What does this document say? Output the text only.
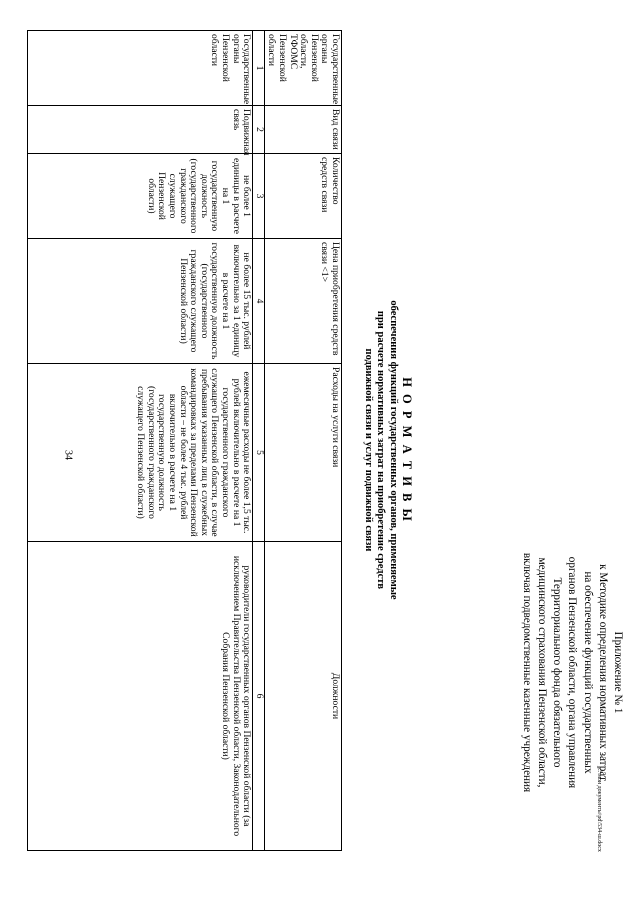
34
Приложение № 1
к Методике определения нормативных затрат
на обеспечение функций государственных
органов Пензенской области, органа управления
Территориального фонда обязательного
медицинского страхования Пензенской области,
включая подведомственные казенные учреждения
Н О Р М А Т И В Ы
обеспечения функций государственных органов, применяемые
при расчете нормативных затрат на приобретение средств
подвижной связи и услуг подвижной связи
Государственные органы Пензенской области, ТФОМС Пензенской области	Вид связи	Количество средств связи	Цена приобретения средств связи <1>	Расходы на услуги связи	Должности
1	2	3	4	5	6
Государственные органы Пензенской области	Подвижная связь	не более 1 единицы в расчете на 1 государственную должность (государственного гражданского служащего Пензенской области)	не более 15 тыс. рублей включительно за 1 единицу в расчете на 1 государственную должность (государственного гражданского служащего Пензенской области)	ежемесячные расходы не более 1,5 тыс. рублей включительно в расчете на 1 государственного гражданского служащего Пензенской области, в случае пребывания указанных лиц в служебных командировках за пределами Пензенской области – не более 4 тыс. рублей включительно в расчете на 1 государственную должность (государственного гражданского служащего Пензенской области)	руководители государственных органов Пензенской области (за исключением Правительства Пензенской области, Законодательного Собрания Пензенской области)
c:\мои документы\pd\534-ш.docx
